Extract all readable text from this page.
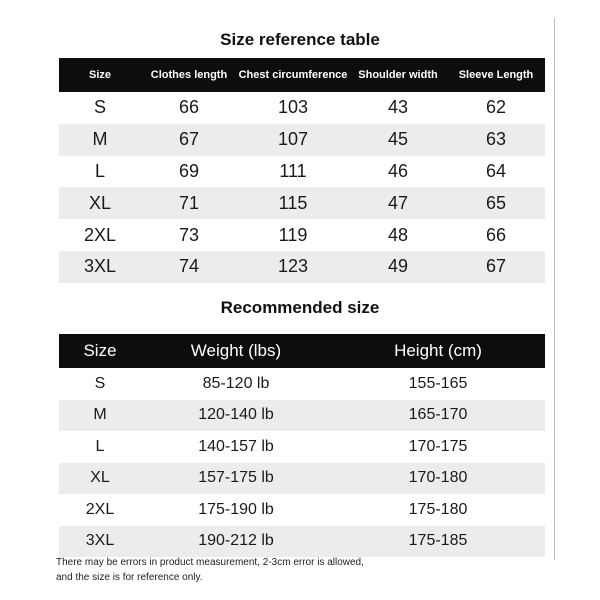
Size reference table
Size	Clothes length	Chest circumference	Shoulder width	Sleeve Length
S	66	103	43	62
M	67	107	45	63
L	69	111	46	64
XL	71	115	47	65
2XL	73	119	48	66
3XL	74	123	49	67
Recommended size
Size	Weight (lbs)	Height (cm)
S	85-120 lb	155-165
M	120-140 lb	165-170
L	140-157 lb	170-175
XL	157-175 lb	170-180
2XL	175-190 lb	175-180
3XL	190-212 lb	175-185
There may be errors in product measurement, 2-3cm error is allowed,
and the size is for reference only.
